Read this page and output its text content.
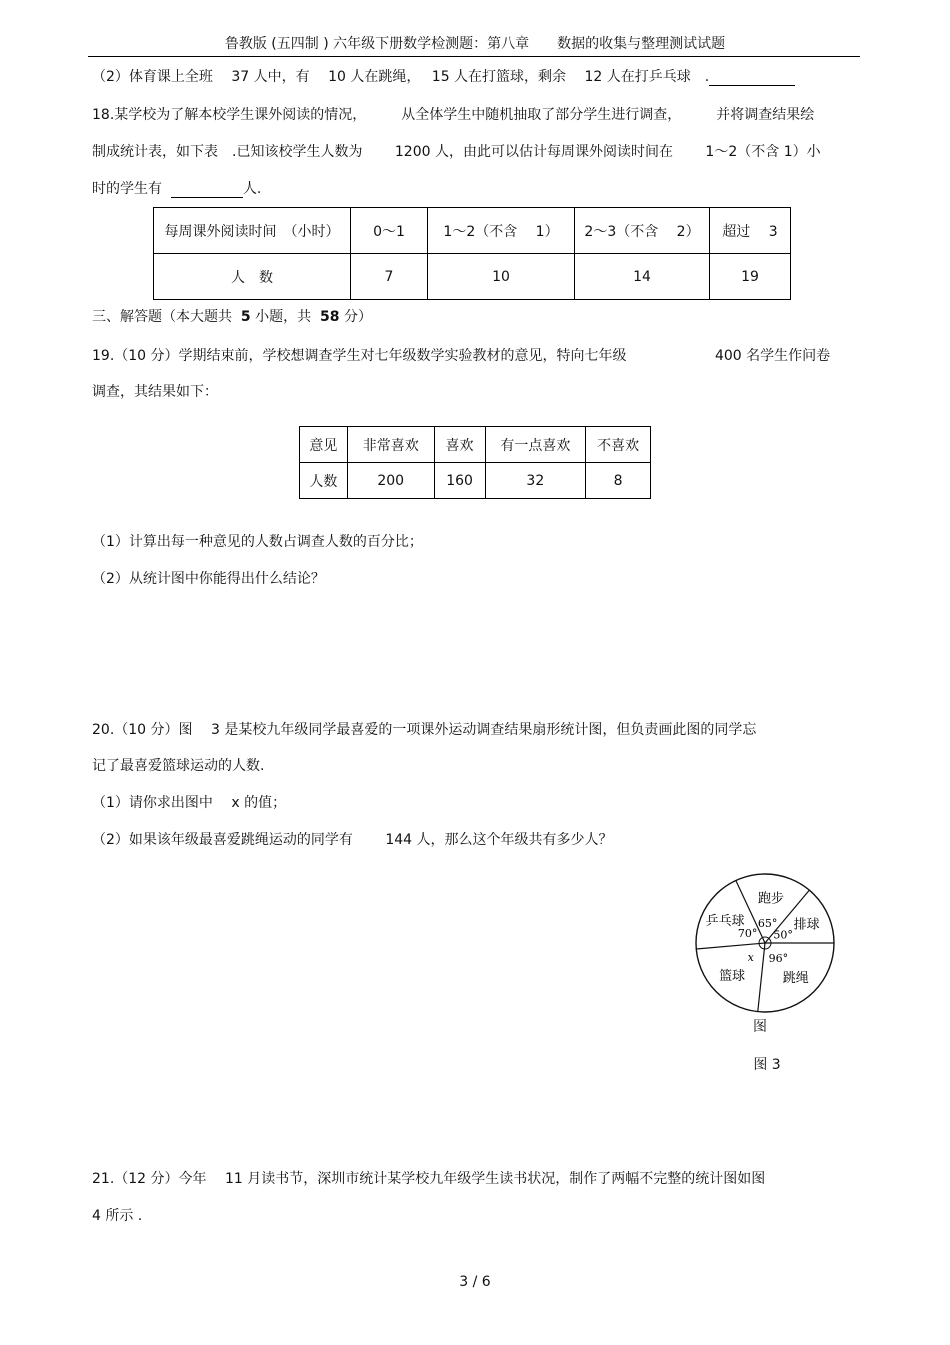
鲁教版 (五四制 ) 六年级下册数学检测题：第八章　　数据的收集与整理测试试题
（2）体育课上全班　 37 人中，有　 10 人在跳绳，　 15 人在打篮球，剩余　 12 人在打乒乓球　.
18.某学校为了解本校学生课外阅读的情况，　　　从全体学生中随机抽取了部分学生进行调查，　　　并将调查结果绘
制成统计表，如下表　.已知该校学生人数为　　 1200 人，由此可以估计每周课外阅读时间在　　 1～2（不含 1）小
时的学生有	人.
每周课外阅读时间　（小时）	0～1	1～2（不含　 1）	2～3（不含　 2）	超过　 3
人　数	7	10	14	19
三、解答题（本大题共 5 小题，共 58 分）
19.（10 分）学期结束前，学校想调查学生对七年级数学实验教材的意见，特向七年级　　　　　　 400 名学生作问卷
调查，其结果如下：
意见	非常喜欢	喜欢	有一点喜欢	不喜欢
人数	200	160	32	8
（1）计算出每一种意见的人数占调查人数的百分比；
（2）从统计图中你能得出什么结论？
20.（10 分）图　 3 是某校九年级同学最喜爱的一项课外运动调查结果扇形统计图，但负责画此图的同学忘
记了最喜爱篮球运动的人数.
（1）请你求出图中　 x 的值；
（2）如果该年级最喜爱跳绳运动的同学有　　 144 人，那么这个年级共有多少人？
跑步
65° 排球
50°
跳绳
96°
篮球
x
乒乓球
70°
图
图 3
21.（12 分）今年　 11 月读书节，深圳市统计某学校九年级学生读书状况，制作了两幅不完整的统计图如图
4 所示 .
3 / 6
